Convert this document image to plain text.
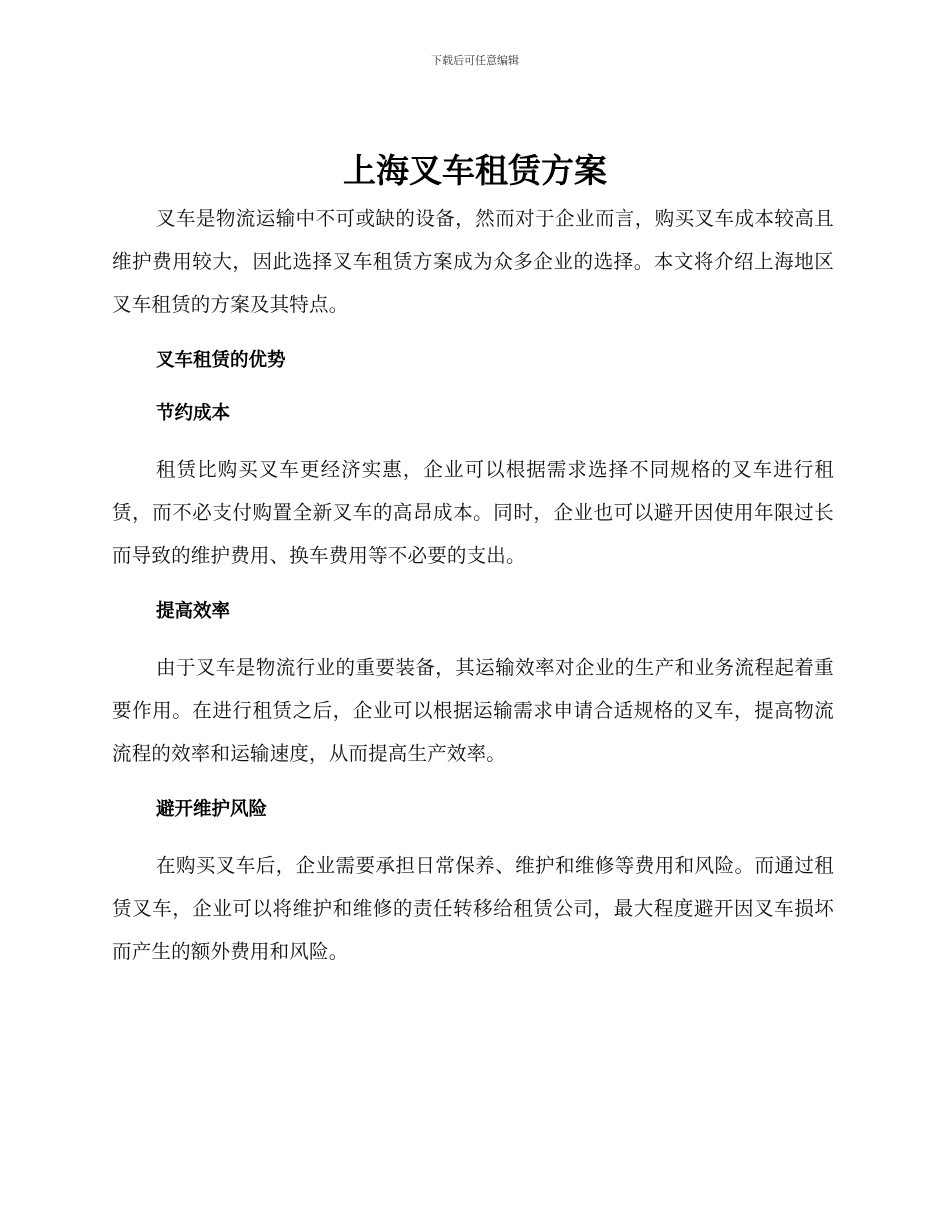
下载后可任意编辑
上海叉车租赁方案

叉车是物流运输中不可或缺的设备，然而对于企业而言，购买叉车成本较高且维护费用较大，因此选择叉车租赁方案成为众多企业的选择。本文将介绍上海地区叉车租赁的方案及其特点。

叉车租赁的优势
节约成本

租赁比购买叉车更经济实惠，企业可以根据需求选择不同规格的叉车进行租赁，而不必支付购置全新叉车的高昂成本。同时，企业也可以避开因使用年限过长而导致的维护费用、换车费用等不必要的支出。

提高效率

由于叉车是物流行业的重要装备，其运输效率对企业的生产和业务流程起着重要作用。在进行租赁之后，企业可以根据运输需求申请合适规格的叉车，提高物流流程的效率和运输速度，从而提高生产效率。

避开维护风险

在购买叉车后，企业需要承担日常保养、维护和维修等费用和风险。而通过租赁叉车，企业可以将维护和维修的责任转移给租赁公司，最大程度避开因叉车损坏而产生的额外费用和风险。
